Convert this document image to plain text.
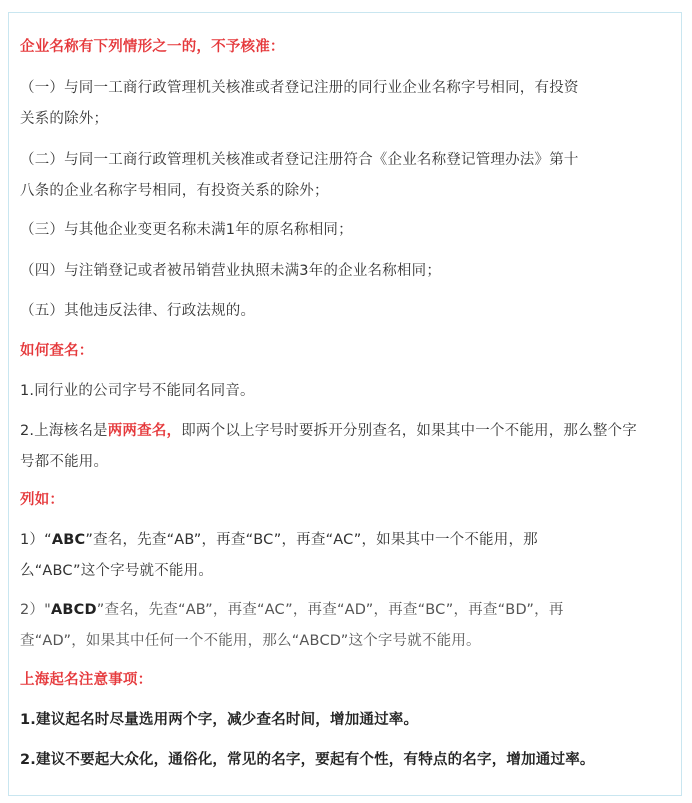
企业名称有下列情形之一的，不予核准：
（一）与同一工商行政管理机关核准或者登记注册的同行业企业名称字号相同，有投资
关系的除外；
（二）与同一工商行政管理机关核准或者登记注册符合《企业名称登记管理办法》第十
八条的企业名称字号相同，有投资关系的除外；
（三）与其他企业变更名称未满1年的原名称相同；
（四）与注销登记或者被吊销营业执照未满3年的企业名称相同；
（五）其他违反法律、行政法规的。
如何查名：
1.同行业的公司字号不能同名同音。
2.上海核名是两两查名，即两个以上字号时要拆开分别查名，如果其中一个不能用，那么整个字
号都不能用。
列如：
1）“ABC”查名，先查“AB”，再查“BC”，再查“AC”，如果其中一个不能用，那
么“ABC”这个字号就不能用。
2）"ABCD”查名，先查“AB”，再查“AC”，再查“AD”，再查“BC”，再查“BD”，再
查“AD”，如果其中任何一个不能用，那么“ABCD”这个字号就不能用。
上海起名注意事项：
1.建议起名时尽量选用两个字，减少查名时间，增加通过率。
2.建议不要起大众化，通俗化，常见的名字，要起有个性，有特点的名字，增加通过率。
